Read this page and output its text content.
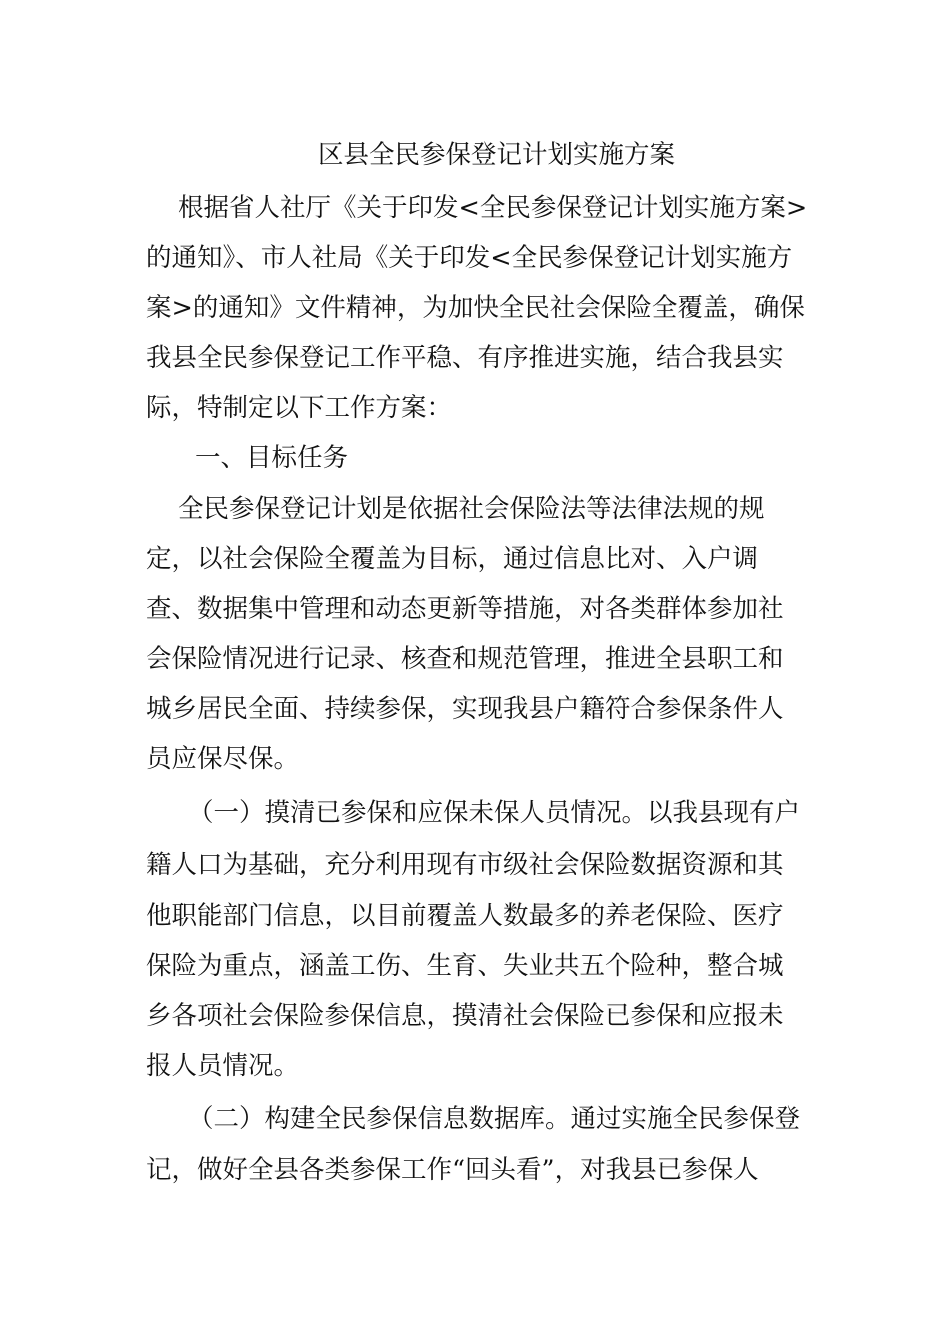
区县全民参保登记计划实施方案
根据省人社厅《关于印发<全民参保登记计划实施方案>
的通知》、市人社局《关于印发<全民参保登记计划实施方
案>的通知》文件精神，为加快全民社会保险全覆盖，确保
我县全民参保登记工作平稳、有序推进实施，结合我县实
际，特制定以下工作方案：
一、目标任务
全民参保登记计划是依据社会保险法等法律法规的规
定，以社会保险全覆盖为目标，通过信息比对、入户调
查、数据集中管理和动态更新等措施，对各类群体参加社
会保险情况进行记录、核查和规范管理，推进全县职工和
城乡居民全面、持续参保，实现我县户籍符合参保条件人
员应保尽保。
（一）摸清已参保和应保未保人员情况。以我县现有户
籍人口为基础，充分利用现有市级社会保险数据资源和其
他职能部门信息，以目前覆盖人数最多的养老保险、医疗
保险为重点，涵盖工伤、生育、失业共五个险种，整合城
乡各项社会保险参保信息，摸清社会保险已参保和应报未
报人员情况。
（二）构建全民参保信息数据库。通过实施全民参保登
记，做好全县各类参保工作“回头看”，对我县已参保人
